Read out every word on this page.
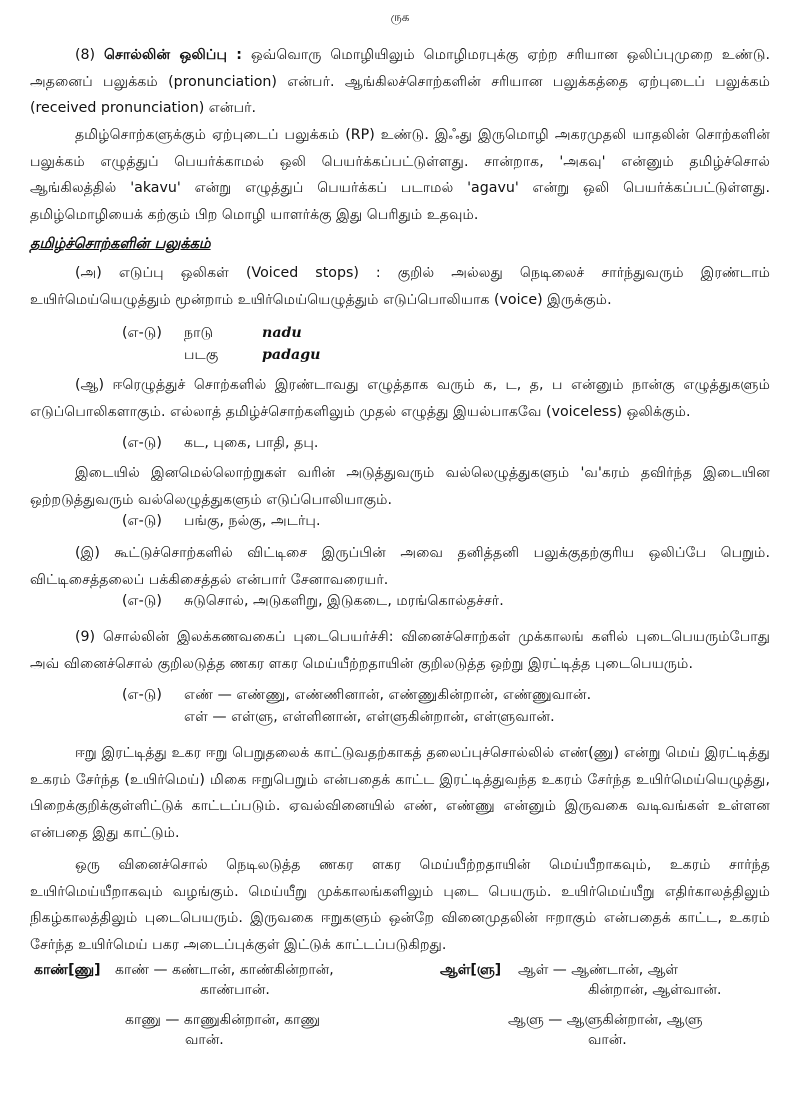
ருக

(8) சொல்லின் ஒலிப்பு : ஒவ்வொரு மொழியிலும் மொழிமரபுக்கு ஏற்ற சரியான ஒலிப்புமுறை உண்டு. அதனைப் பலுக்கம் (pronunciation) என்பர். ஆங்கிலச்சொற்களின் சரியான பலுக்கத்தை ஏற்புடைப் பலுக்கம் (received pronunciation) என்பர்.

தமிழ்சொற்களுக்கும் ஏற்புடைப் பலுக்கம் (RP) உண்டு. இஃது இருமொழி அகரமுதலி யாதலின் சொற்களின் பலுக்கம் எழுத்துப் பெயர்க்காமல் ஒலி பெயர்க்கப்பட்டுள்ளது. சான்றாக, 'அகவு' என்னும் தமிழ்ச்சொல் ஆங்கிலத்தில் 'akavu' என்று எழுத்துப் பெயர்க்கப் படாமல் 'agavu' என்று ஒலி பெயர்க்கப்பட்டுள்ளது. தமிழ்மொழியைக் கற்கும் பிற மொழி யாளர்க்கு இது பெரிதும் உதவும்.

தமிழ்ச்சொற்களின் பலுக்கம்

(அ) எடுப்பு ஒலிகள் (Voiced stops) : குறில் அல்லது நெடிலைச் சார்ந்துவரும் இரண்டாம் உயிர்மெய்யெழுத்தும் மூன்றாம் உயிர்மெய்யெழுத்தும் எடுப்பொலியாக (voice) இருக்கும்.

(எ-டு) நாடு	nadu
படகு	padagu

(ஆ) ஈரெழுத்துச் சொற்களில் இரண்டாவது எழுத்தாக வரும் க, ட, த, ப என்னும் நான்கு எழுத்துகளும் எடுப்பொலிகளாகும். எல்லாத் தமிழ்ச்சொற்களிலும் முதல் எழுத்து இயல்பாகவே (voiceless) ஒலிக்கும்.

(எ-டு) கட, புகை, பாதி, தபு.

இடையில் இனமெல்லொற்றுகள் வரின் அடுத்துவரும் வல்லெழுத்துகளும் 'வ'கரம் தவிர்ந்த இடையின ஒற்றடுத்துவரும் வல்லெழுத்துகளும் எடுப்பொலியாகும்.

(எ-டு) பங்கு, நல்கு, அடர்பு.

(இ) கூட்டுச்சொற்களில் விட்டிசை இருப்பின் அவை தனித்தனி பலுக்குதற்குரிய ஒலிப்பே பெறும். விட்டிசைத்தலைப் பக்கிசைத்தல் என்பார் சேனாவரையர்.

(எ-டு) சுடுசொல், அடுகளிறு, இடுகடை, மரங்கொல்தச்சர்.

(9) சொல்லின் இலக்கணவகைப் புடைபெயர்ச்சி: வினைச்சொற்கள் முக்காலங் களில் புடைபெயரும்போது அவ் வினைச்சொல் குறிலடுத்த ணகர ளகர மெய்யீற்றதாயின் குறிலடுத்த ஒற்று இரட்டித்த புடைபெயரும்.

(எ-டு) எண் — எண்ணு, எண்ணினான், எண்ணுகின்றான், எண்ணுவான்.
எள் — எள்ளு, எள்ளினான், எள்ளுகின்றான், எள்ளுவான்.

ஈறு இரட்டித்து உகர ஈறு பெறுதலைக் காட்டுவதற்காகத் தலைப்புச்சொல்லில் எண்(ணு) என்று மெய் இரட்டித்து உகரம் சேர்ந்த (உயிர்மெய்) மிகை ஈறுபெறும் என்பதைக் காட்ட இரட்டித்துவந்த உகரம் சேர்ந்த உயிர்மெய்யெழுத்து, பிறைக்குறிக்குள்ளிட்டுக் காட்டப்படும். ஏவல்வினையில் எண், எண்ணு என்னும் இருவகை வடிவங்கள் உள்ளன என்பதை இது காட்டும்.

ஒரு வினைச்சொல் நெடிலடுத்த ணகர ளகர மெய்யீற்றதாயின் மெய்யீறாகவும், உகரம் சார்ந்த உயிர்மெய்யீறாகவும் வழங்கும். மெய்யீறு முக்காலங்களிலும் புடை பெயரும். உயிர்மெய்யீறு எதிர்காலத்திலும் நிகழ்காலத்திலும் புடைபெயரும். இருவகை ஈறுகளும் ஒன்றே வினைமுதலின் ஈறாகும் என்பதைக் காட்ட, உகரம் சேர்ந்த உயிர்மெய் பகர அடைப்புக்குள் இட்டுக் காட்டப்படுகிறது.

காண்[ணு] காண் — கண்டான், காண்கின்றான்,
காண்பான்.
காணு — காணுகின்றான், காணு
வான்.
ஆள்[ளு] ஆள் — ஆண்டான், ஆள்
கின்றான், ஆள்வான்.
ஆளு — ஆளுகின்றான், ஆளு
வான்.
